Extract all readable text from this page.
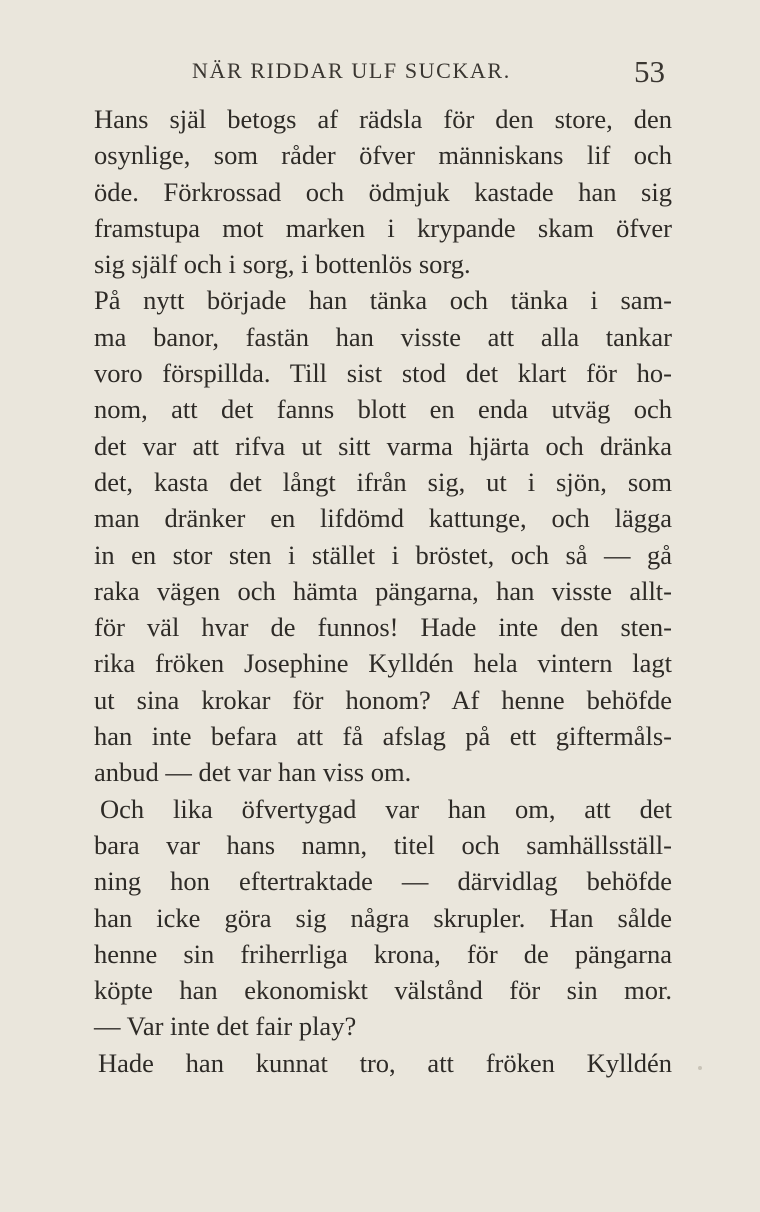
NÄR RIDDAR ULF SUCKAR.	53
Hans själ betogs af rädsla för den store, den
osynlige, som råder öfver människans lif och
öde. Förkrossad och ödmjuk kastade han sig
framstupa mot marken i krypande skam öfver
sig själf och i sorg, i bottenlös sorg.
På nytt började han tänka och tänka i sam-
ma banor, fastän han visste att alla tankar
voro förspillda. Till sist stod det klart för ho-
nom, att det fanns blott en enda utväg och
det var att rifva ut sitt varma hjärta och dränka
det, kasta det långt ifrån sig, ut i sjön, som
man dränker en lifdömd kattunge, och lägga
in en stor sten i stället i bröstet, och så — gå
raka vägen och hämta pängarna, han visste allt-
för väl hvar de funnos! Hade inte den sten-
rika fröken Josephine Kylldén hela vintern lagt
ut sina krokar för honom? Af henne behöfde
han inte befara att få afslag på ett giftermåls-
anbud — det var han viss om.
Och lika öfvertygad var han om, att det
bara var hans namn, titel och samhällsställ-
ning hon eftertraktade — därvidlag behöfde
han icke göra sig några skrupler. Han sålde
henne sin friherrliga krona, för de pängarna
köpte han ekonomiskt välstånd för sin mor.
— Var inte det fair play?
Hade han kunnat tro, att fröken Kylldén
